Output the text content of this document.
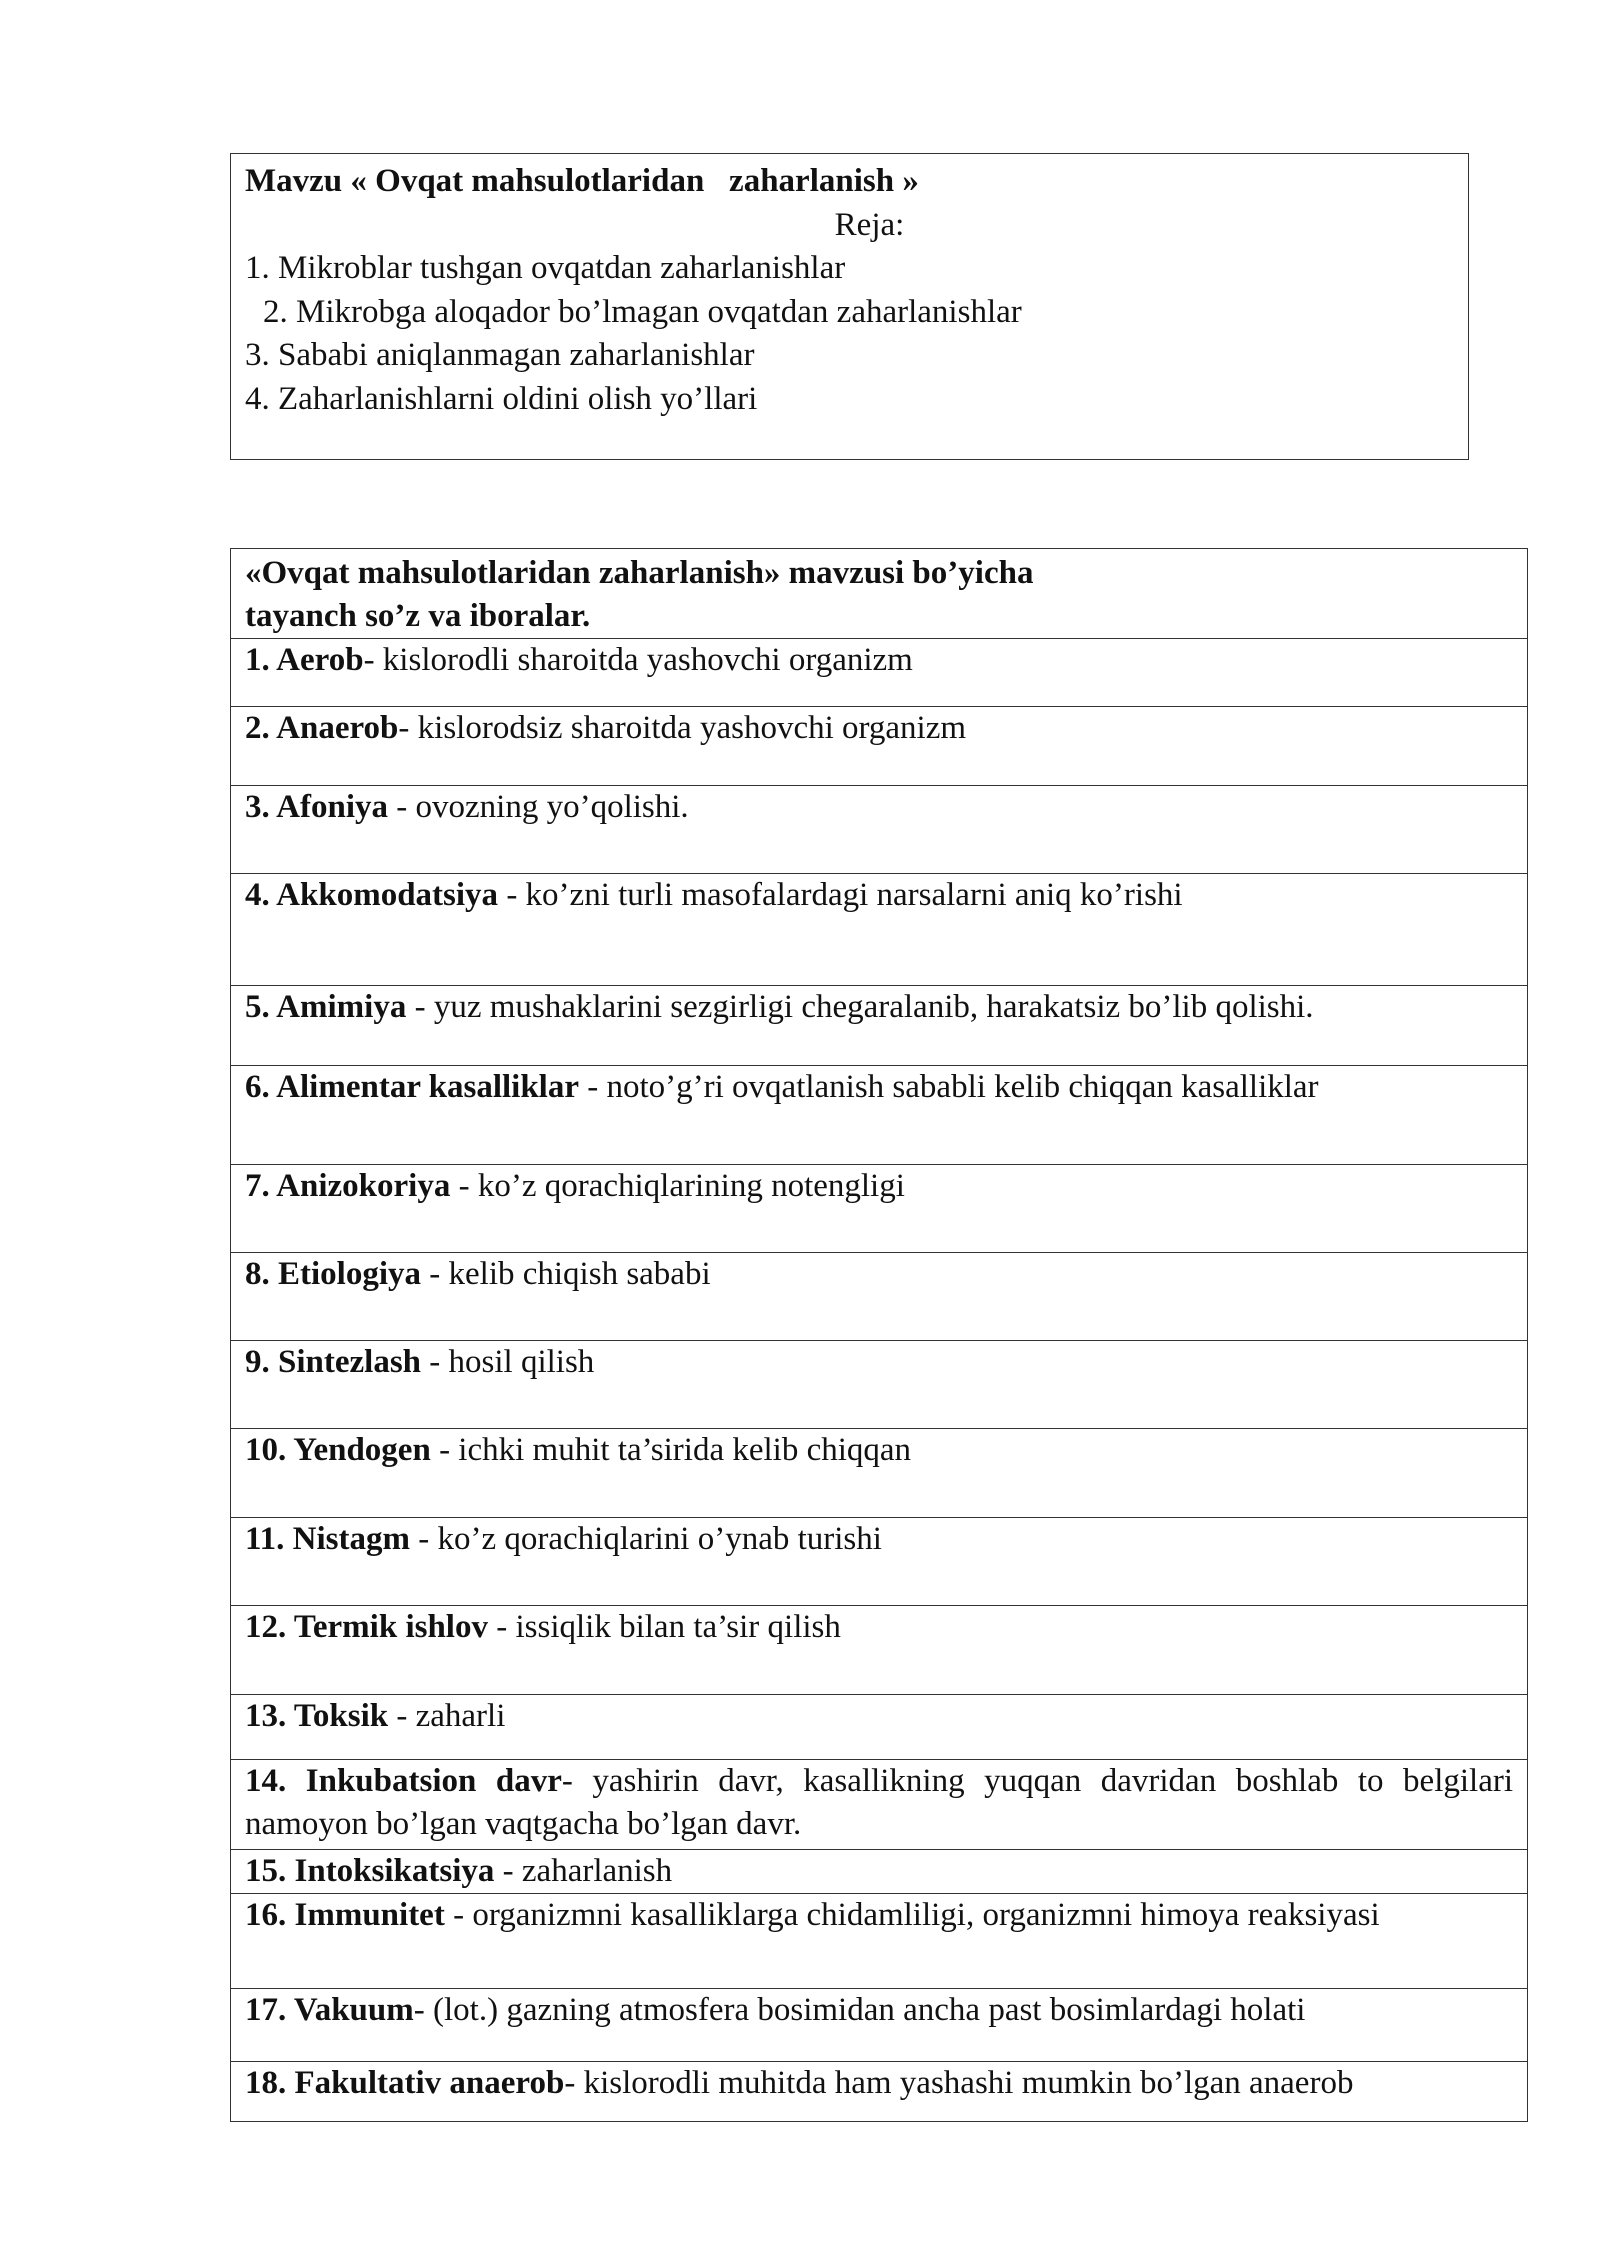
Mavzu « Ovqat mahsulotlaridan   zaharlanish »
Reja:
1. Mikroblar tushgan ovqatdan zaharlanishlar
2. Mikrobga aloqador bo’lmagan ovqatdan zaharlanishlar
3. Sababi aniqlanmagan zaharlanishlar
4. Zaharlanishlarni oldini olish yo’llari
«Ovqat mahsulotlaridan zaharlanish» mavzusi bo’yicha
tayanch so’z va iboralar.

1. Aerob- kislorodli sharoitda yashovchi organizm
2. Anaerob- kislorodsiz sharoitda yashovchi organizm
3. Afoniya - ovozning yo’qolishi.
4. Akkomodatsiya - ko’zni turli masofalardagi narsalarni aniq ko’rishi
5. Amimiya - yuz mushaklarini sezgirligi chegaralanib, harakatsiz bo’lib qolishi.
6. Alimentar kasalliklar - noto’g’ri ovqatlanish sababli kelib chiqqan kasalliklar
7. Anizokoriya - ko’z qorachiqlarining notengligi
8. Etiologiya - kelib chiqish sababi
9. Sintezlash - hosil qilish
10. Yendogen - ichki muhit ta’sirida kelib chiqqan
11. Nistagm - ko’z qorachiqlarini o’ynab turishi
12. Termik ishlov - issiqlik bilan ta’sir qilish
13. Toksik - zaharli
14. Inkubatsion davr- yashirin davr, kasallikning yuqqan davridan boshlab to belgilari namoyon bo’lgan vaqtgacha bo’lgan davr.
15. Intoksikatsiya - zaharlanish
16. Immunitet - organizmni kasalliklarga chidamliligi, organizmni himoya reaksiyasi
17. Vakuum- (lot.) gazning atmosfera bosimidan ancha past bosimlardagi holati
18. Fakultativ anaerob- kislorodli muhitda ham yashashi mumkin bo’lgan anaerob
